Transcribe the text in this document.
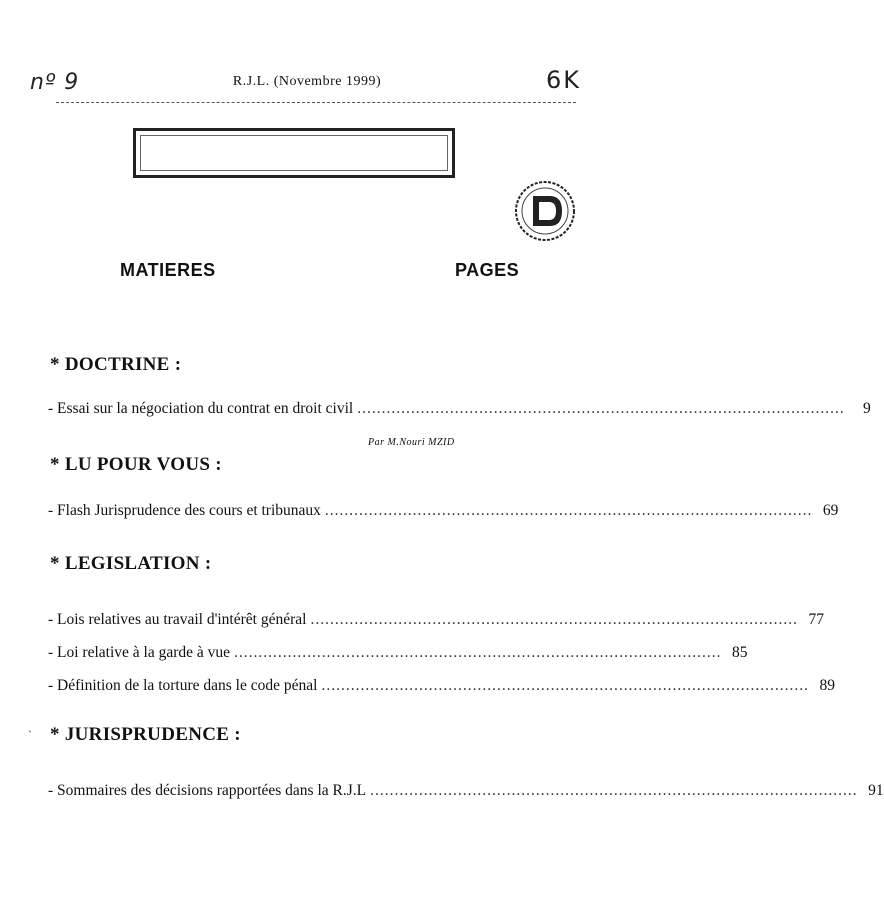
nº 9	6K
R.J.L. (Novembre 1999)
MATIERES	PAGES
* DOCTRINE :
- Essai sur la négociation du contrat en droit civil ....................................................................................................	9
Par M.Nouri MZID
* LU POUR VOUS :
- Flash Jurisprudence des cours et tribunaux .................................................................................................... 69
* LEGISLATION :
- Lois relatives au travail d'intérêt général .................................................................................................... 77
- Loi relative à la garde à vue .................................................................................................... 85
- Définition de la torture dans le code pénal .................................................................................................... 89
* JURISPRUDENCE :
`
- Sommaires des décisions rapportées dans la R.J.L .................................................................................................... 91
